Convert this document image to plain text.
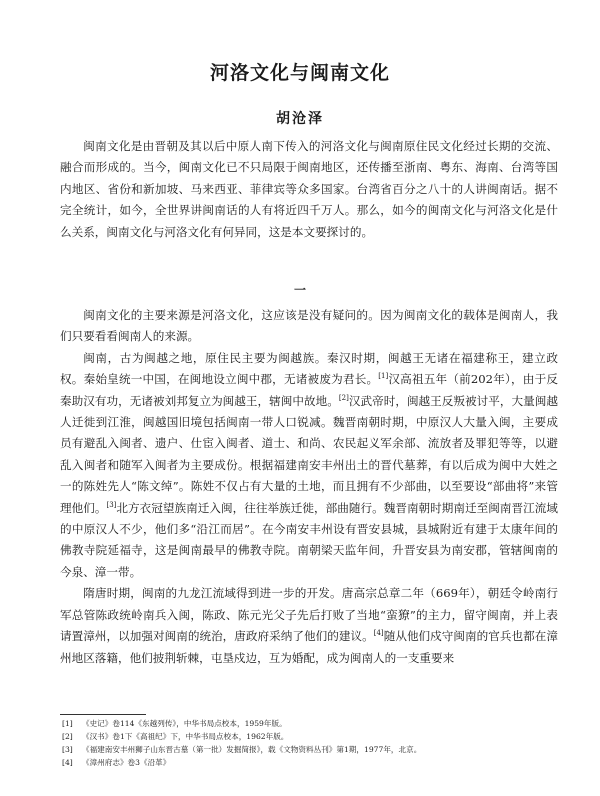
河洛文化与闽南文化
胡沧泽

闽南文化是由晋朝及其以后中原人南下传入的河洛文化与闽南原住民文化经过长期的交流、融合而形成的。当今，闽南文化已不只局限于闽南地区，还传播至浙南、粤东、海南、台湾等国内地区、省份和新加坡、马来西亚、菲律宾等众多国家。台湾省百分之八十的人讲闽南话。据不完全统计，如今，全世界讲闽南话的人有将近四千万人。那么，如今的闽南文化与河洛文化是什么关系，闽南文化与河洛文化有何异同，这是本文要探讨的。

一

闽南文化的主要来源是河洛文化，这应该是没有疑问的。因为闽南文化的载体是闽南人，我们只要看看闽南人的来源。

闽南，古为闽越之地，原住民主要为闽越族。秦汉时期，闽越王无诸在福建称王，建立政权。秦始皇统一中国，在闽地设立闽中郡，无诸被废为君长。[1]汉高祖五年（前202年），由于反秦助汉有功，无诸被刘邦复立为闽越王，辖闽中故地。[2]汉武帝时，闽越王反叛被讨平，大量闽越人迁徙到江淮，闽越国旧境包括闽南一带人口锐减。魏晋南朝时期，中原汉人大量入闽，主要成员有避乱入闽者、遗户、仕宦入闽者、道士、和尚、农民起义军余部、流放者及罪犯等等，以避乱入闽者和随军入闽者为主要成份。根据福建南安丰州出土的晋代墓葬，有以后成为闽中大姓之一的陈姓先人“陈文绰”。陈姓不仅占有大量的土地，而且拥有不少部曲，以至要设“部曲将”来管理他们。[3]北方衣冠望族南迁入闽，往往举族迁徙，部曲随行。魏晋南朝时期南迁至闽南晋江流域的中原汉人不少，他们多“沿江而居”。在今南安丰州设有晋安县城，县城附近有建于太康年间的佛教寺院延福寺，这是闽南最早的佛教寺院。南朝梁天监年间，升晋安县为南安郡，管辖闽南的今泉、漳一带。

隋唐时期，闽南的九龙江流域得到进一步的开发。唐高宗总章二年（669年），朝廷令岭南行军总管陈政统岭南兵入闽，陈政、陈元光父子先后打败了当地“蛮獠”的主力，留守闽南，并上表请置漳州，以加强对闽南的统治，唐政府采纳了他们的建议。[4]随从他们戍守闽南的官兵也都在漳州地区落籍，他们披荆斩棘，屯垦戍边，互为婚配，成为闽南人的一支重要来

[1]	《史记》卷114《东越列传》，中华书局点校本，1959年版。
[2]	《汉书》卷1下《高祖纪》下，中华书局点校本，1962年版。
[3]	《福建南安丰州狮子山东晋古墓（第一批）发掘简报》，载《文物资料丛刊》第1期，1977年，北京。
[4]	《漳州府志》卷3《沿革》
